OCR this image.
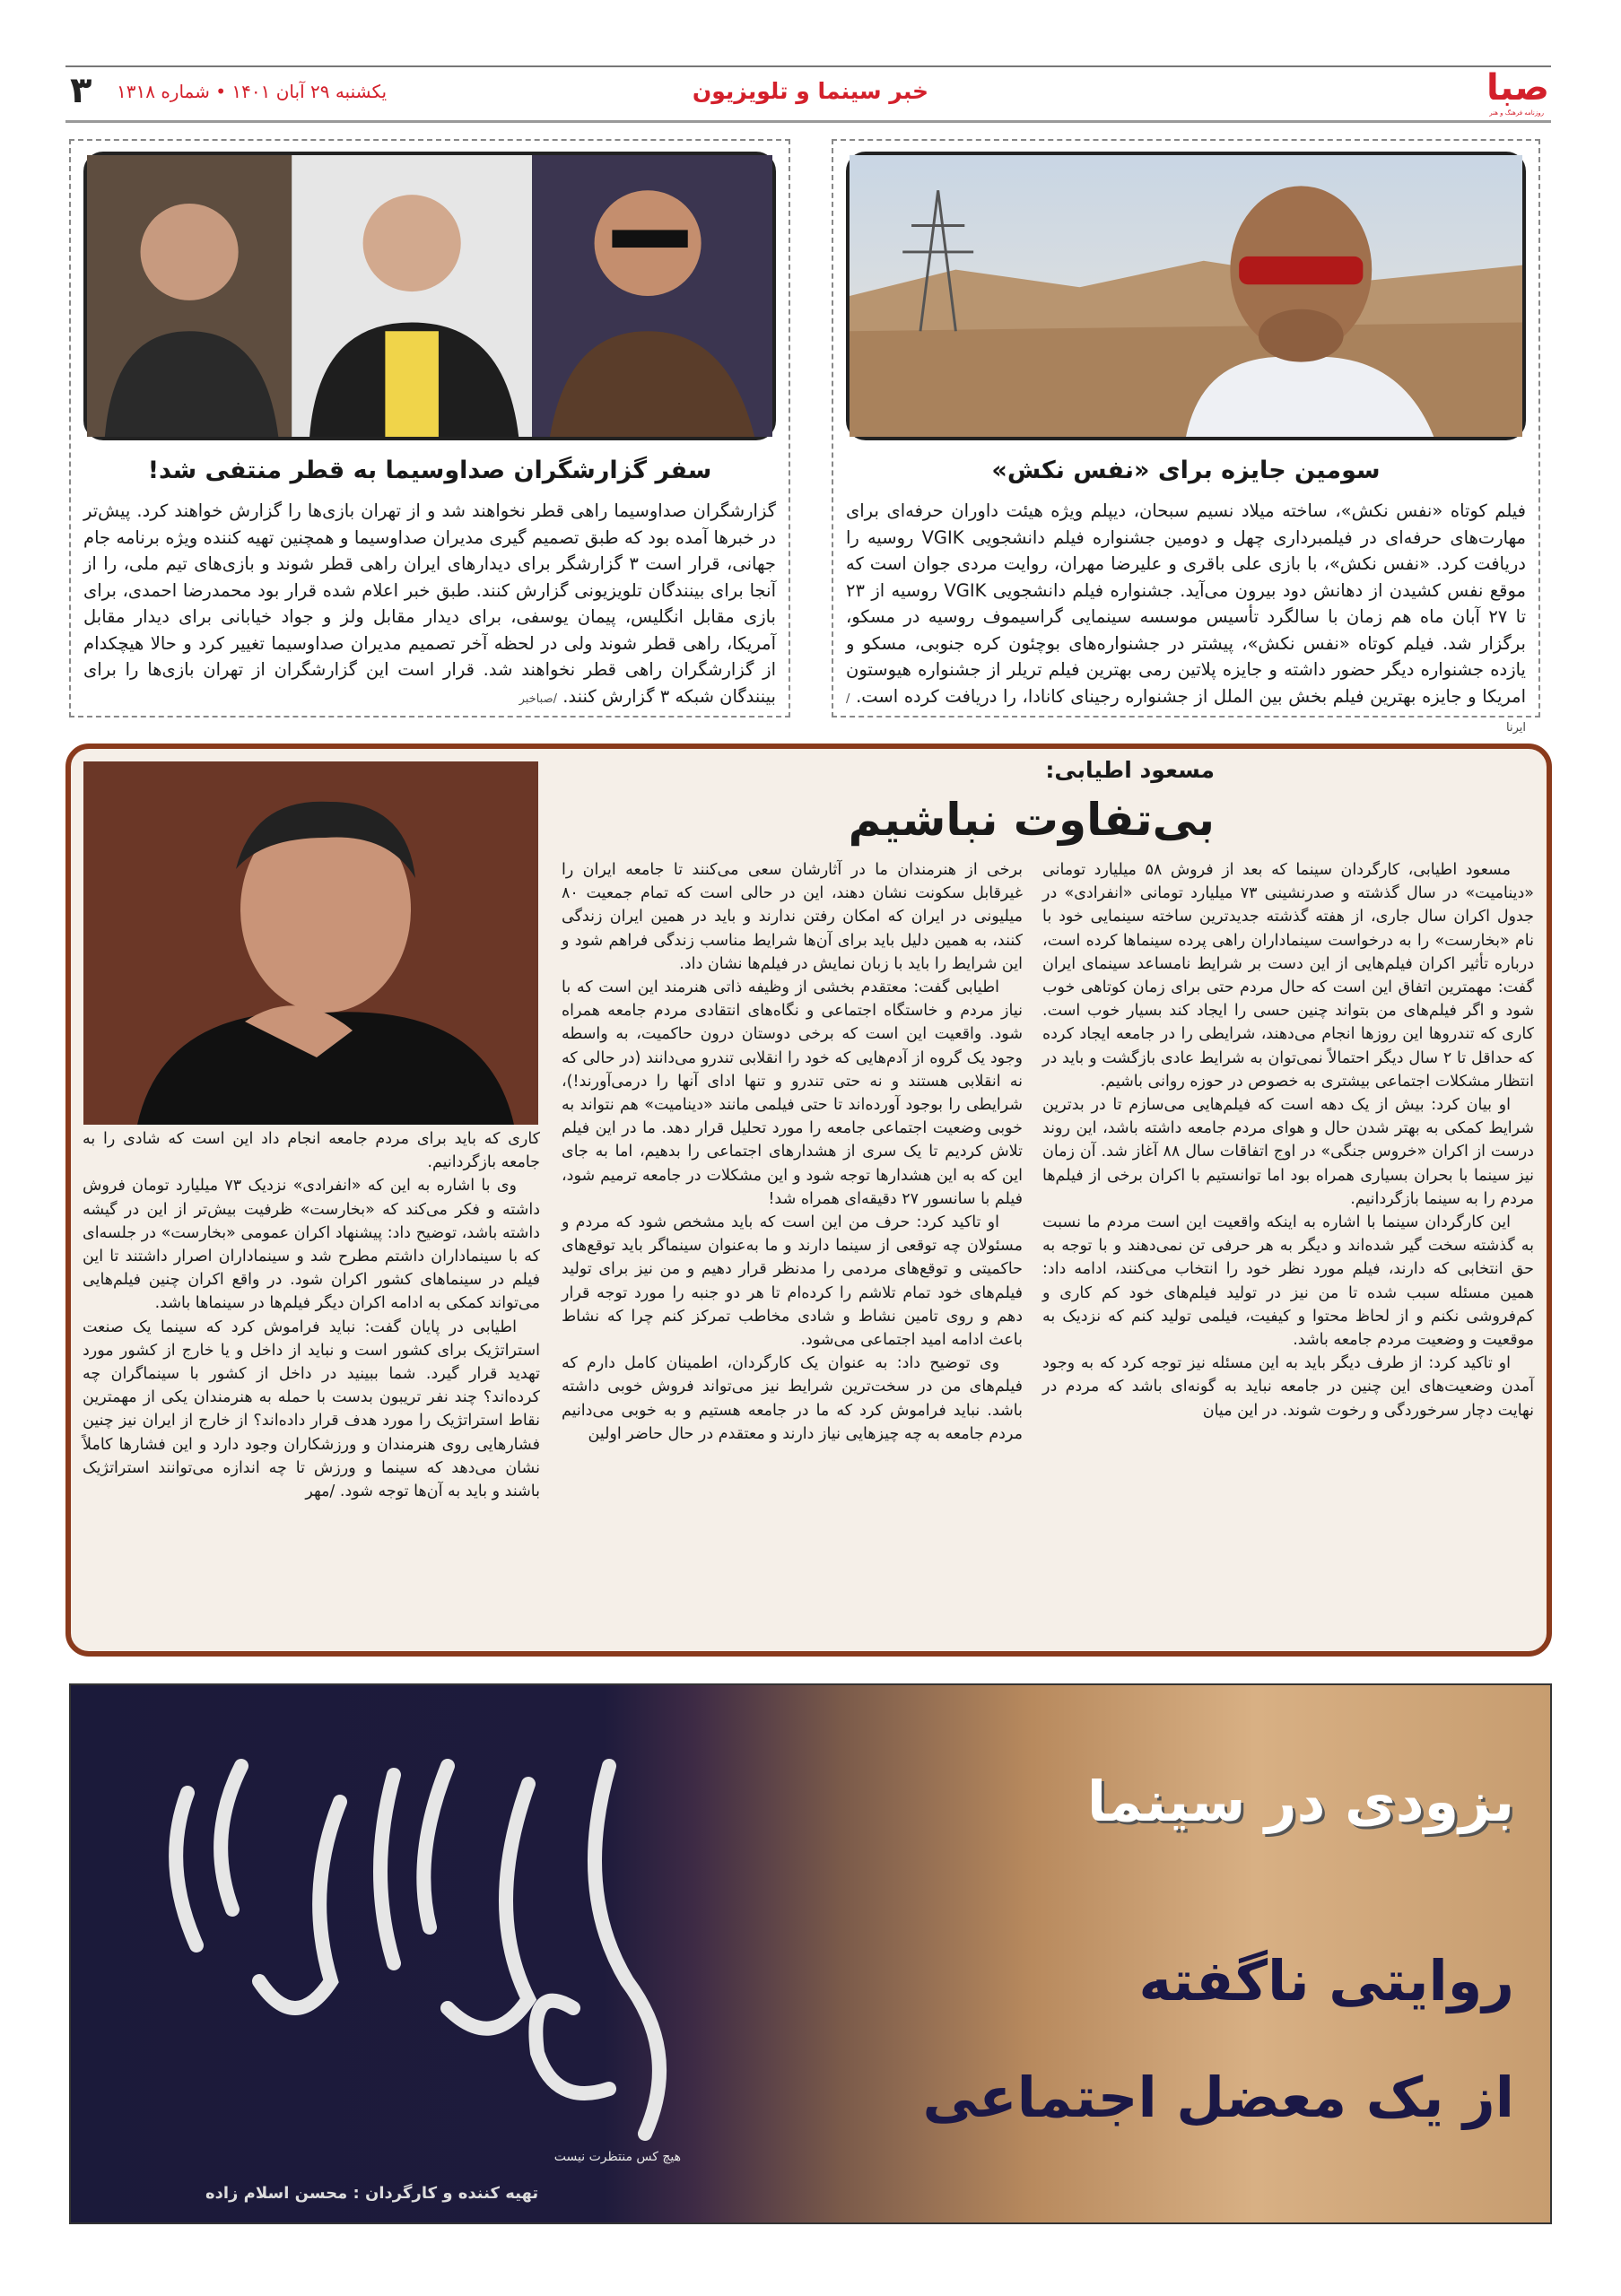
صبا
روزنامه فرهنگ و هنر
خبر سینما و تلویزیون
یکشنبه ۲۹ آبان ۱۴۰۱ • شماره ۱۳۱۸
۳
سومین جایزه برای «نفس نکش»
فیلم کوتاه «نفس نکش»، ساخته میلاد نسیم سبحان، دیپلم ویژه هیئت داوران حرفه‌ای برای مهارت‌های حرفه‌ای در فیلمبرداری چهل و دومین جشنواره فیلم دانشجویی VGIK روسیه را دریافت کرد. «نفس نکش»، با بازی علی باقری و علیرضا مهران، روایت مردی جوان است که موقع نفس کشیدن از دهانش دود بیرون می‌آید. جشنواره فیلم دانشجویی VGIK روسیه از ۲۳ تا ۲۷ آبان ماه هم زمان با سالگرد تأسیس موسسه سینمایی گراسیموف روسیه در مسکو، برگزار شد. فیلم کوتاه «نفس نکش»، پیشتر در جشنواره‌های بوچئون کره جنوبی، مسکو و یازده جشنواره دیگر حضور داشته و جایزه پلاتین رمی بهترین فیلم تریلر از جشنواره هیوستون امریکا و جایزه بهترین فیلم بخش بین الملل از جشنواره رجینای کانادا، را دریافت کرده است. /ایرنا
سفر گزارشگران صداوسیما به قطر منتفی شد!
گزارشگران صداوسیما راهی قطر نخواهند شد و از تهران بازی‌ها را گزارش خواهند کرد. پیش‌تر در خبرها آمده بود که طبق تصمیم گیری مدیران صداوسیما و همچنین تهیه کننده ویژه برنامه جام جهانی، قرار است ۳ گزارشگر برای دیدارهای ایران راهی قطر شوند و بازی‌های تیم ملی، را از آنجا برای بینندگان تلویزیونی گزارش کنند. طبق خبر اعلام شده قرار بود محمدرضا احمدی، برای بازی مقابل انگلیس، پیمان یوسفی، برای دیدار مقابل ولز و جواد خیابانی برای دیدار مقابل آمریکا، راهی قطر شوند ولی در لحظه آخر تصمیم مدیران صداوسیما تغییر کرد و حالا هیچکدام از گزارشگران راهی قطر نخواهند شد. قرار است این گزارشگران از تهران بازی‌ها را برای بینندگان شبکه ۳ گزارش کنند. /صباخبر
مسعود اطیابی:
بی‌تفاوت نباشیم

مسعود اطیابی، کارگردان سینما که بعد از فروش ۵۸ میلیارد تومانی «دینامیت» در سال گذشته و صدرنشینی ۷۳ میلیارد تومانی «انفرادی» در جدول اکران سال جاری، از هفته گذشته جدیدترین ساخته سینمایی خود با نام «بخارست» را به درخواست سینماداران راهی پرده سینماها کرده است، درباره تأثیر اکران فیلم‌هایی از این دست بر شرایط نامساعد سینمای ایران گفت: مهمترین اتفاق این است که حال مردم حتی برای زمان کوتاهی خوب شود و اگر فیلم‌های من بتواند چنین حسی را ایجاد کند بسیار خوب است. کاری که تندروها این روزها انجام می‌دهند، شرایطی را در جامعه ایجاد کرده که حداقل تا ۲ سال دیگر احتمالاً نمی‌توان به شرایط عادی بازگشت و باید در انتظار مشکلات اجتماعی بیشتری به خصوص در حوزه روانی باشیم.

او بیان کرد: بیش از یک دهه است که فیلم‌هایی می‌سازم تا در بدترین شرایط کمکی به بهتر شدن حال و هوای مردم جامعه داشته باشد، این روند درست از اکران «خروس جنگی» در اوج اتفاقات سال ۸۸ آغاز شد. آن زمان نیز سینما با بحران بسیاری همراه بود اما توانستیم با اکران برخی از فیلم‌ها مردم را به سینما بازگردانیم.

این کارگردان سینما با اشاره به اینکه واقعیت این است مردم ما نسبت به گذشته سخت گیر شده‌اند و دیگر به هر حرفی تن نمی‌دهند و با توجه به حق انتخابی که دارند، فیلم مورد نظر خود را انتخاب می‌کنند، ادامه داد: همین مسئله سبب شده تا من نیز در تولید فیلم‌های خود کم کاری و کم‌فروشی نکنم و از لحاظ محتوا و کیفیت، فیلمی تولید کنم که نزدیک به موقعیت و وضعیت مردم جامعه باشد.

او تاکید کرد: از طرف دیگر باید به این مسئله نیز توجه کرد که به وجود آمدن وضعیت‌های این چنین در جامعه نباید به گونه‌ای باشد که مردم در نهایت دچار سرخوردگی و رخوت شوند. در این میان

برخی از هنرمندان ما در آثارشان سعی می‌کنند تا جامعه ایران را غیرقابل سکونت نشان دهند، این در حالی است که تمام جمعیت ۸۰ میلیونی در ایران که امکان رفتن ندارند و باید در همین ایران زندگی کنند، به همین دلیل باید برای آن‌ها شرایط مناسب زندگی فراهم شود و این شرایط را باید با زبان نمایش در فیلم‌ها نشان داد.

اطیابی گفت: معتقدم بخشی از وظیفه ذاتی هنرمند این است که با نیاز مردم و خاستگاه اجتماعی و نگاه‌های انتقادی مردم جامعه همراه شود. واقعیت این است که برخی دوستان درون حاکمیت، به واسطه وجود یک گروه از آدم‌هایی که خود را انقلابی تندرو می‌دانند (در حالی که نه انقلابی هستند و نه حتی تندرو و تنها ادای آنها را درمی‌آورند!)، شرایطی را بوجود آورده‌اند تا حتی فیلمی مانند «دینامیت» هم نتواند به خوبی وضعیت اجتماعی جامعه را مورد تحلیل قرار دهد. ما در این فیلم تلاش کردیم تا یک سری از هشدارهای اجتماعی را بدهیم، اما به جای این که به این هشدارها توجه شود و این مشکلات در جامعه ترمیم شود، فیلم با سانسور ۲۷ دقیقه‌ای همراه شد!

او تاکید کرد: حرف من این است که باید مشخص شود که مردم و مسئولان چه توقعی از سینما دارند و ما به‌عنوان سینماگر باید توقع‌های حاکمیتی و توقع‌های مردمی را مدنظر قرار دهیم و من نیز برای تولید فیلم‌های خود تمام تلاشم را کرده‌ام تا هر دو جنبه را مورد توجه قرار دهم و روی تامین نشاط و شادی مخاطب تمرکز کنم چرا که نشاط باعث ادامه امید اجتماعی می‌شود.

وی توضیح داد: به عنوان یک کارگردان، اطمینان کامل دارم که فیلم‌های من در سخت‌ترین شرایط نیز می‌تواند فروش خوبی داشته باشد. نباید فراموش کرد که ما در جامعه هستیم و به خوبی می‌دانیم مردم جامعه به چه چیزهایی نیاز دارند و معتقدم در حال حاضر اولین

کاری که باید برای مردم جامعه انجام داد این است که شادی را به جامعه بازگردانیم.

وی با اشاره به این که «انفرادی» نزدیک ۷۳ میلیارد تومان فروش داشته و فکر می‌کند که «بخارست» ظرفیت بیش‌تر از این در گیشه داشته باشد، توضیح داد: پیشنهاد اکران عمومی «بخارست» در جلسه‌ای که با سینماداران داشتم مطرح شد و سینماداران اصرار داشتند تا این فیلم در سینماهای کشور اکران شود. در واقع اکران چنین فیلم‌هایی می‌تواند کمکی به ادامه اکران دیگر فیلم‌ها در سینماها باشد.

اطیابی در پایان گفت: نباید فراموش کرد که سینما یک صنعت استراتژیک برای کشور است و نباید از داخل و یا خارج از کشور مورد تهدید قرار گیرد. شما ببینید در داخل از کشور با سینماگران چه کرده‌اند؟ چند نفر تریبون بدست با حمله به هنرمندان یکی از مهمترین نقاط استراتژیک را مورد هدف قرار داده‌اند؟ از خارج از ایران نیز چنین فشارهایی روی هنرمندان و ورزشکاران وجود دارد و این فشارها کاملاً نشان می‌دهد که سینما و ورزش تا چه اندازه می‌توانند استراتژیک باشند و باید به آن‌ها توجه شود. /مهر

هیچ کس منتظرت نیست
تهیه کننده و کارگردان : محسن اسلام زاده
بزودی در سینما
روایتی ناگفته
از یک معضل اجتماعی
